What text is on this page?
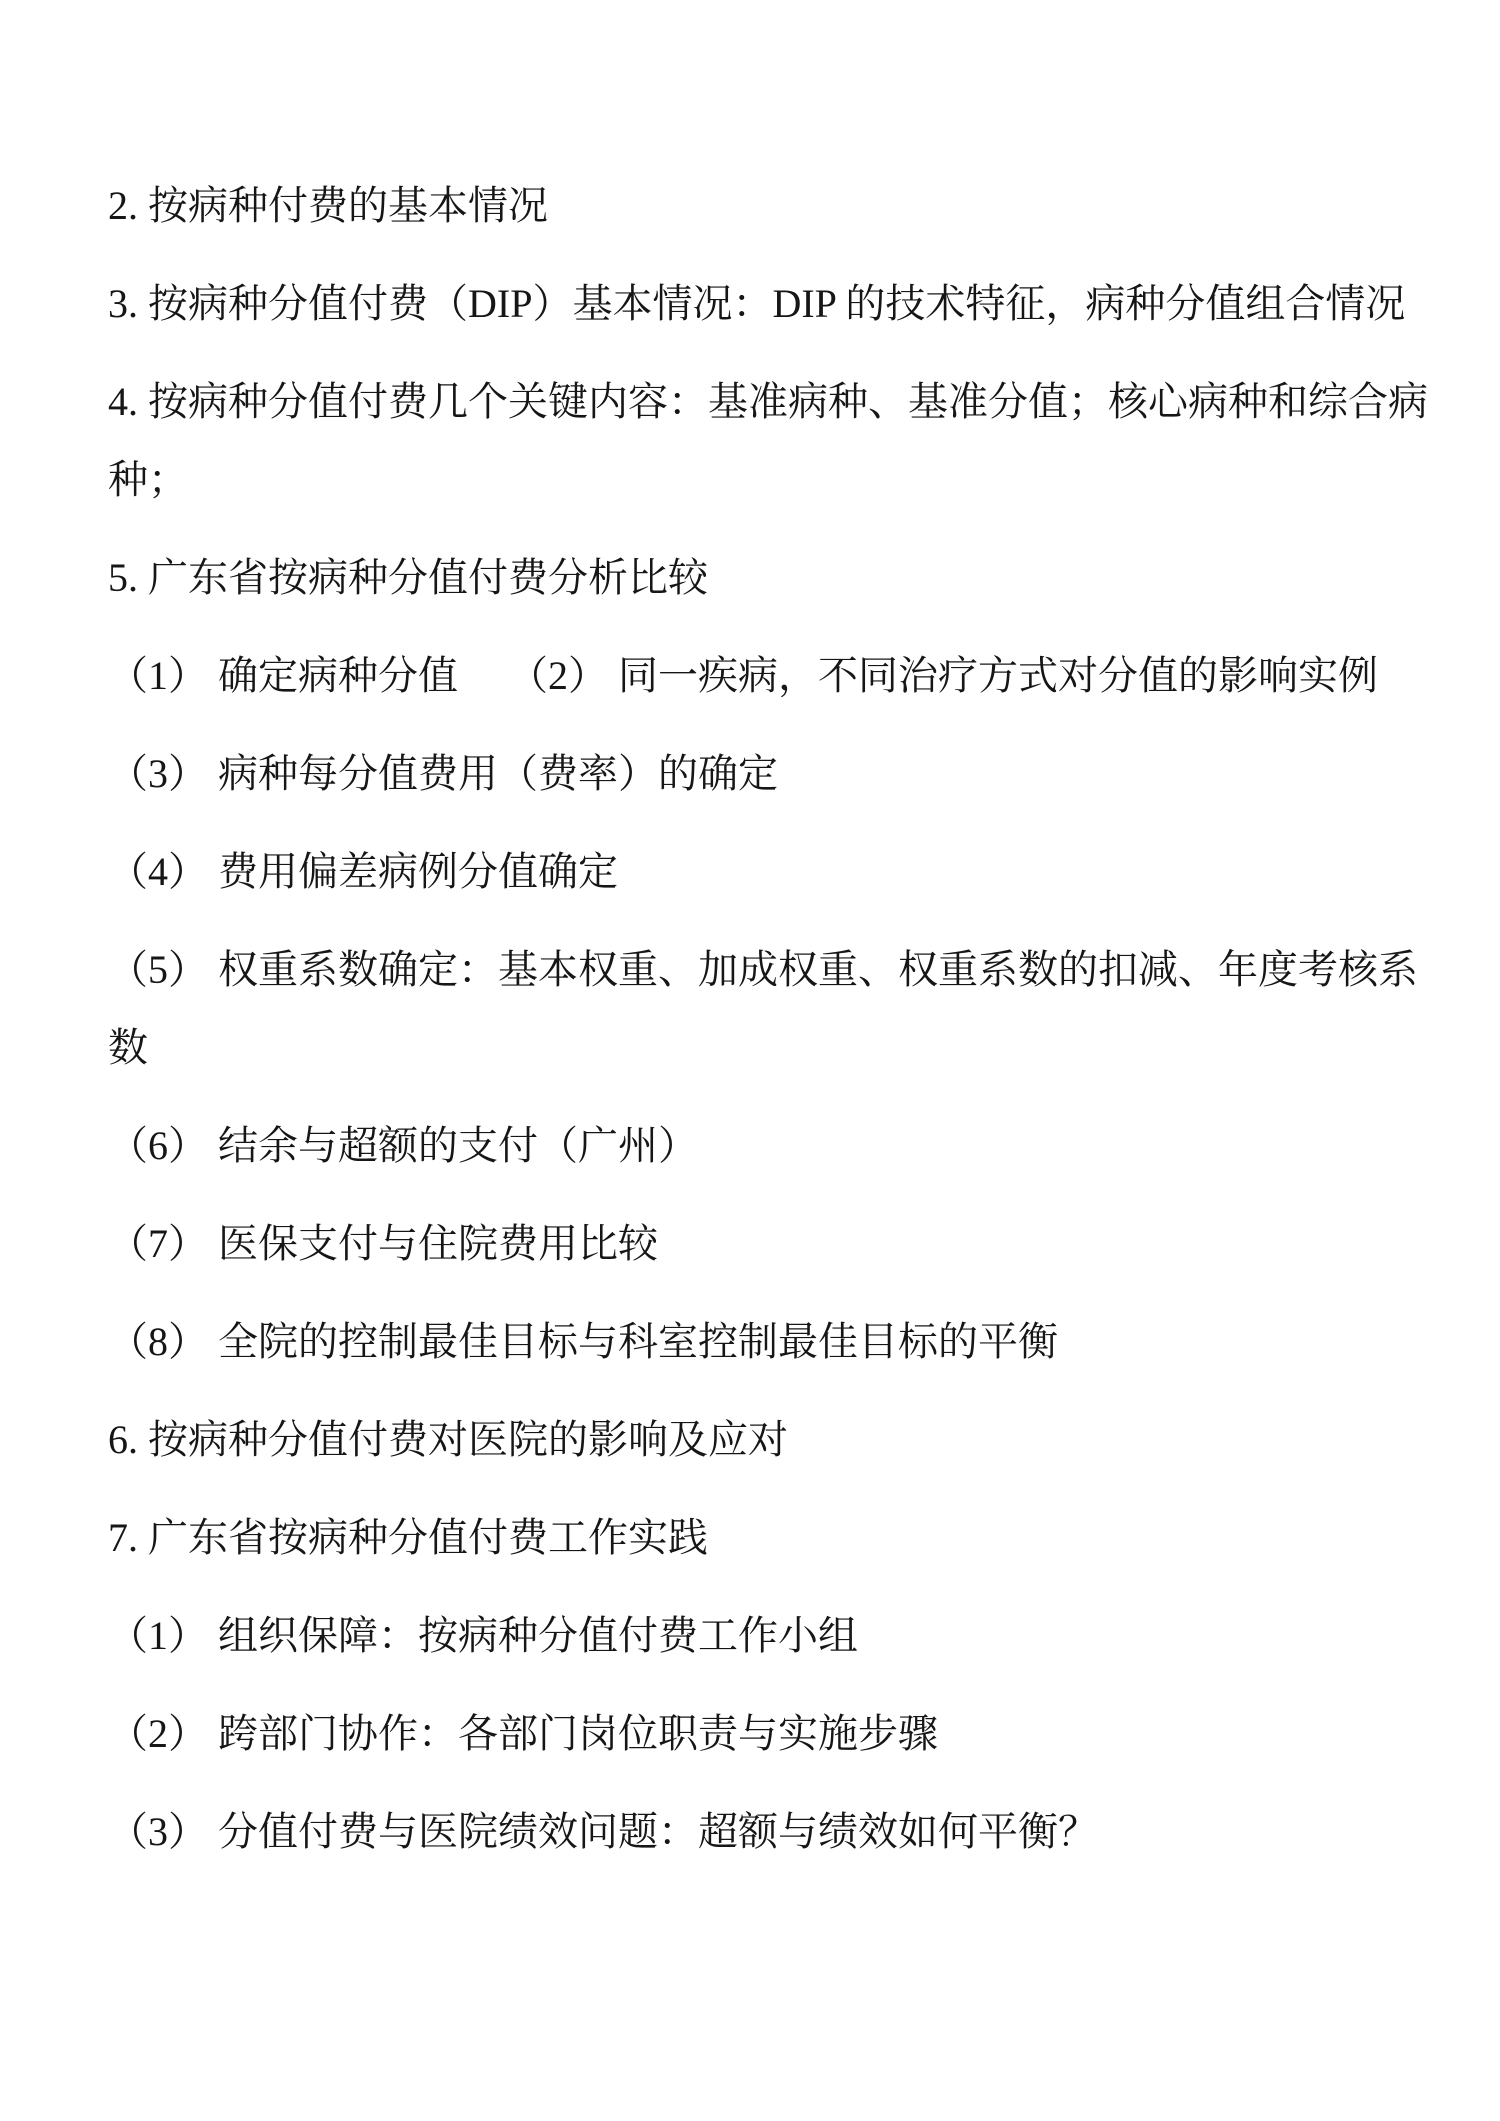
2. 按病种付费的基本情况

3. 按病种分值付费（DIP）基本情况：DIP 的技术特征，病种分值组合情况

4. 按病种分值付费几个关键内容：基准病种、基准分值；核心病种和综合病
种；

5. 广东省按病种分值付费分析比较

（1） 确定病种分值　 （2） 同一疾病，不同治疗方式对分值的影响实例

（3） 病种每分值费用（费率）的确定

（4） 费用偏差病例分值确定

（5） 权重系数确定：基本权重、加成权重、权重系数的扣减、年度考核系
数

（6） 结余与超额的支付（广州）

（7） 医保支付与住院费用比较

（8） 全院的控制最佳目标与科室控制最佳目标的平衡

6. 按病种分值付费对医院的影响及应对

7. 广东省按病种分值付费工作实践

（1） 组织保障：按病种分值付费工作小组

（2） 跨部门协作：各部门岗位职责与实施步骤

（3） 分值付费与医院绩效问题：超额与绩效如何平衡？
